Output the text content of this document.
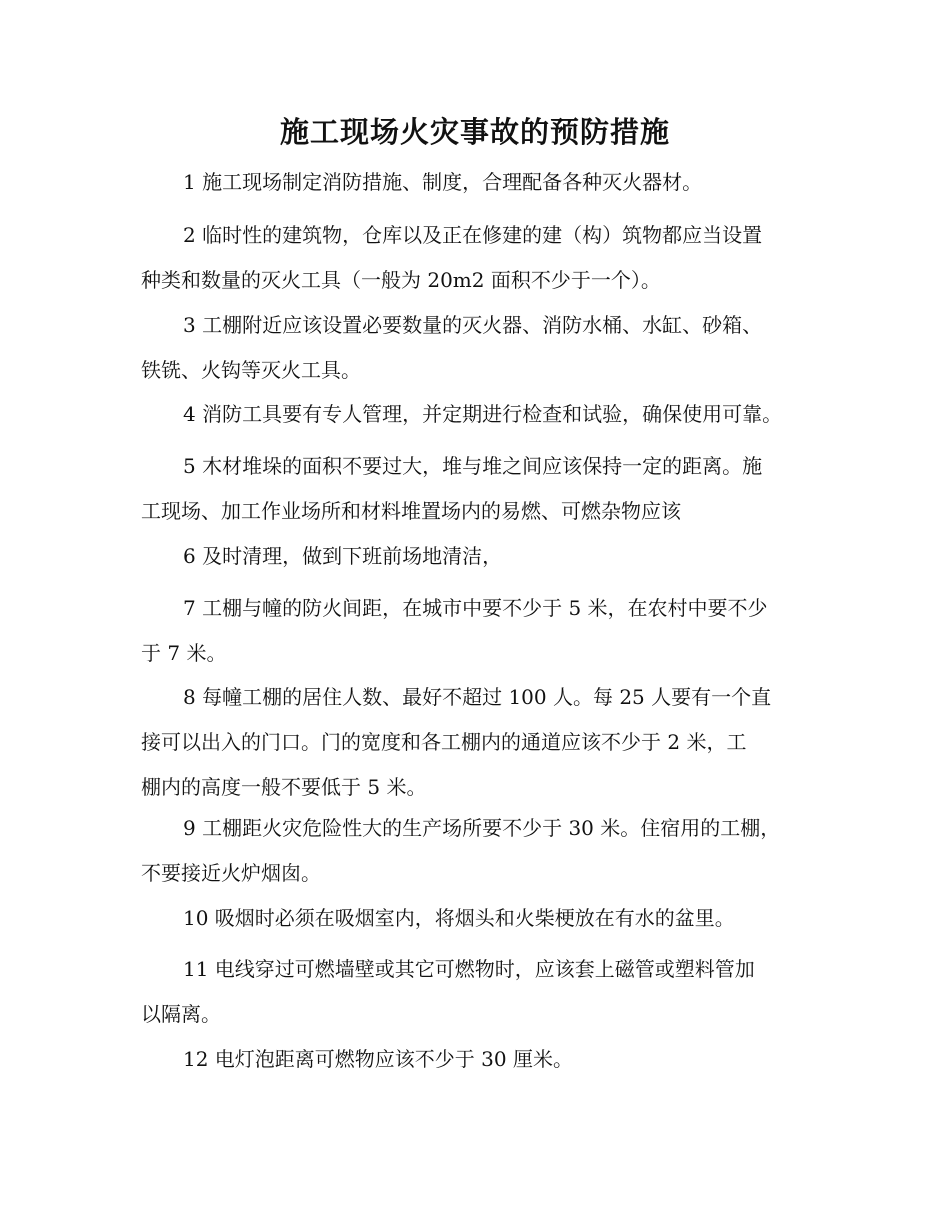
施工现场火灾事故的预防措施

1 施工现场制定消防措施、制度，合理配备各种灭火器材。

2 临时性的建筑物，仓库以及正在修建的建（构）筑物都应当设置
种类和数量的灭火工具（一般为 20m2 面积不少于一个）。

3 工棚附近应该设置必要数量的灭火器、消防水桶、水缸、砂箱、
铁铣、火钩等灭火工具。

4 消防工具要有专人管理，并定期进行检查和试验，确保使用可靠。

5 木材堆垛的面积不要过大，堆与堆之间应该保持一定的距离。施
工现场、加工作业场所和材料堆置场内的易燃、可燃杂物应该

6 及时清理，做到下班前场地清洁，

7 工棚与幢的防火间距，在城市中要不少于 5 米，在农村中要不少
于 7 米。

8 每幢工棚的居住人数、最好不超过 100 人。每 25 人要有一个直
接可以出入的门口。门的宽度和各工棚内的通道应该不少于 2 米，工
棚内的高度一般不要低于 5 米。

9 工棚距火灾危险性大的生产场所要不少于 30 米。住宿用的工棚，
不要接近火炉烟囱。

10 吸烟时必须在吸烟室内，将烟头和火柴梗放在有水的盆里。

11 电线穿过可燃墙壁或其它可燃物时，应该套上磁管或塑料管加
以隔离。

12 电灯泡距离可燃物应该不少于 30 厘米。
